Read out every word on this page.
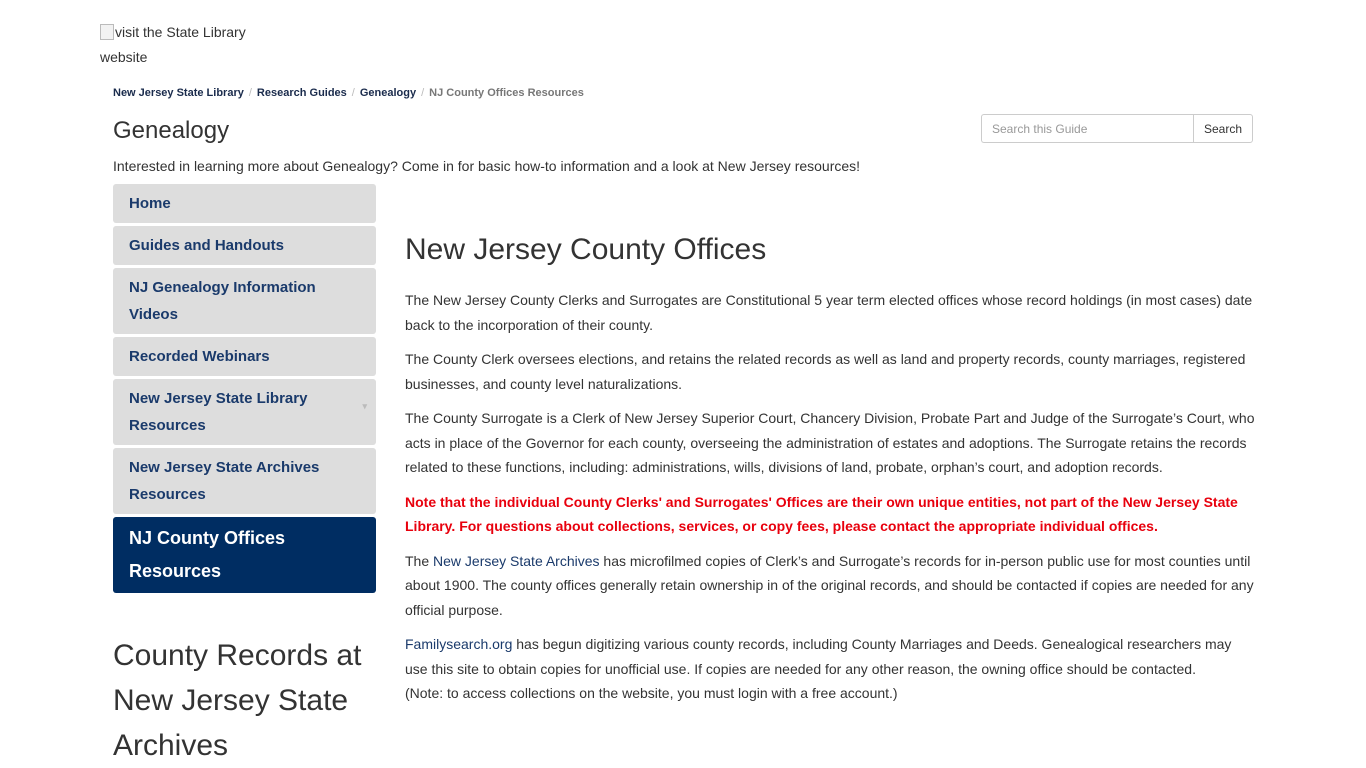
visit the State Library website
New Jersey State Library / Research Guides / Genealogy / NJ County Offices Resources
Genealogy
Interested in learning more about Genealogy? Come in for basic how-to information and a look at New Jersey resources!
Search this Guide
Search
Home
Guides and Handouts
NJ Genealogy Information Videos
Recorded Webinars
New Jersey State Library Resources
▾
New Jersey State Archives Resources
NJ County Offices Resources
County Records at New Jersey State Archives
New Jersey County Offices

The New Jersey County Clerks and Surrogates are Constitutional 5 year term elected offices whose record holdings (in most cases) date back to the incorporation of their county.

The County Clerk oversees elections, and retains the related records as well as land and property records, county marriages, registered businesses, and county level naturalizations.

The County Surrogate is a Clerk of New Jersey Superior Court, Chancery Division, Probate Part and Judge of the Surrogate’s Court, who acts in place of the Governor for each county, overseeing the administration of estates and adoptions. The Surrogate retains the records related to these functions, including: administrations, wills, divisions of land, probate, orphan’s court, and adoption records.

Note that the individual County Clerks' and Surrogates' Offices are their own unique entities, not part of the New Jersey State Library. For questions about collections, services, or copy fees, please contact the appropriate individual offices.

The New Jersey State Archives has microfilmed copies of Clerk’s and Surrogate’s records for in-person public use for most counties until about 1900. The county offices generally retain ownership in of the original records, and should be contacted if copies are needed for any official purpose.

Familysearch.org has begun digitizing various county records, including County Marriages and Deeds. Genealogical researchers may use this site to obtain copies for unofficial use. If copies are needed for any other reason, the owning office should be contacted.
(Note: to access collections on the website, you must login with a free account.)
